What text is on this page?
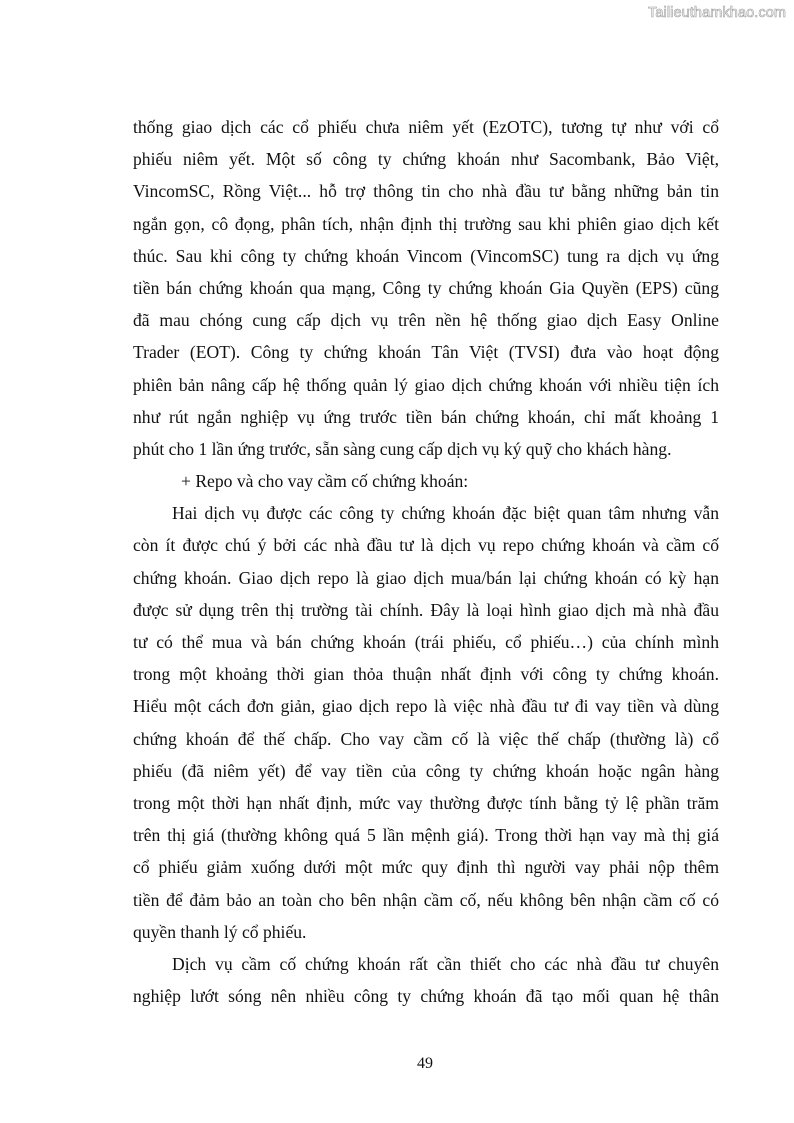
Tailieuthamkhao.com
thống giao dịch các cổ phiếu chưa niêm yết (EzOTC), tương tự như với cổ
phiếu niêm yết. Một số công ty chứng khoán như Sacombank, Bảo Việt,
VincomSC, Rồng Việt... hỗ trợ thông tin cho nhà đầu tư bằng những bản tin
ngắn gọn, cô đọng, phân tích, nhận định thị trường sau khi phiên giao dịch kết
thúc. Sau khi công ty chứng khoán Vincom (VincomSC) tung ra dịch vụ ứng
tiền bán chứng khoán qua mạng, Công ty chứng khoán Gia Quyền (EPS) cũng
đã mau chóng cung cấp dịch vụ trên nền hệ thống giao dịch Easy Online
Trader (EOT). Công ty chứng khoán Tân Việt (TVSI) đưa vào hoạt động
phiên bản nâng cấp hệ thống quản lý giao dịch chứng khoán với nhiều tiện ích
như rút ngắn nghiệp vụ ứng trước tiền bán chứng khoán, chỉ mất khoảng 1
phút cho 1 lần ứng trước, sẵn sàng cung cấp dịch vụ ký quỹ cho khách hàng.
+ Repo và cho vay cầm cố chứng khoán:
Hai dịch vụ được các công ty chứng khoán đặc biệt quan tâm nhưng vẫn
còn ít được chú ý bởi các nhà đầu tư là dịch vụ repo chứng khoán và cầm cố
chứng khoán. Giao dịch repo là giao dịch mua/bán lại chứng khoán có kỳ hạn
được sử dụng trên thị trường tài chính. Đây là loại hình giao dịch mà nhà đầu
tư có thể mua và bán chứng khoán (trái phiếu, cổ phiếu…) của chính mình
trong một khoảng thời gian thỏa thuận nhất định với công ty chứng khoán.
Hiểu một cách đơn giản, giao dịch repo là việc nhà đầu tư đi vay tiền và dùng
chứng khoán để thế chấp. Cho vay cầm cố là việc thế chấp (thường là) cổ
phiếu (đã niêm yết) để vay tiền của công ty chứng khoán hoặc ngân hàng
trong một thời hạn nhất định, mức vay thường được tính bằng tỷ lệ phần trăm
trên thị giá (thường không quá 5 lần mệnh giá). Trong thời hạn vay mà thị giá
cổ phiếu giảm xuống dưới một mức quy định thì người vay phải nộp thêm
tiền để đảm bảo an toàn cho bên nhận cầm cố, nếu không bên nhận cầm cố có
quyền thanh lý cổ phiếu.
Dịch vụ cầm cố chứng khoán rất cần thiết cho các nhà đầu tư chuyên
nghiệp lướt sóng nên nhiều công ty chứng khoán đã tạo mối quan hệ thân
49
